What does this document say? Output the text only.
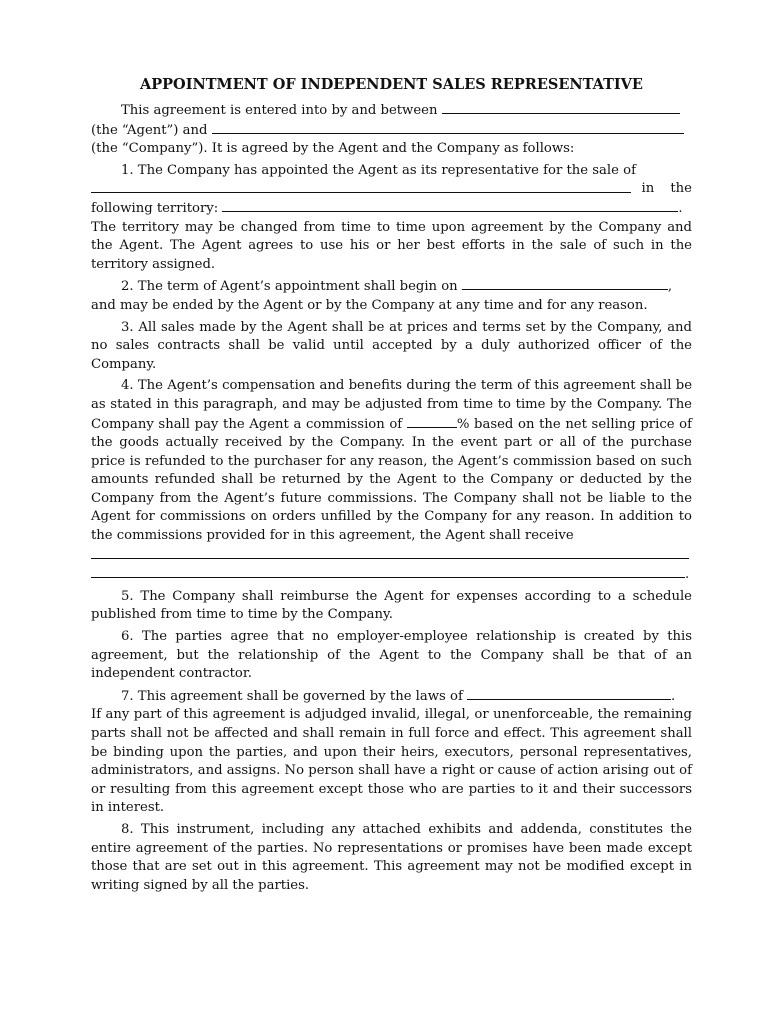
APPOINTMENT OF INDEPENDENT SALES REPRESENTATIVE

This agreement is entered into by and between
(the “Agent”) and
(the “Company”). It is agreed by the Agent and the Company as follows:

1. The Company has appointed the Agent as its representative for the sale of
in the
following territory:	.
The territory may be changed from time to time upon agreement by the Company and the Agent. The Agent agrees to use his or her best efforts in the sale of such in the territory assigned.

2. The term of Agent’s appointment shall begin on	,
and may be ended by the Agent or by the Company at any time and for any reason.

3. All sales made by the Agent shall be at prices and terms set by the Company, and no sales contracts shall be valid until accepted by a duly authorized officer of the Company.

4. The Agent’s compensation and benefits during the term of this agreement shall be as stated in this paragraph, and may be adjusted from time to time by the Company. The Company shall pay the Agent a commission of	% based on the net selling price of the goods actually received by the Company. In the event part or all of the purchase price is refunded to the purchaser for any reason, the Agent’s commission based on such amounts refunded shall be returned by the Agent to the Company or deducted by the Company from the Agent’s future commissions. The Company shall not be liable to the Agent for commissions on orders unfilled by the Company for any reason. In addition to the commissions provided for in this agreement, the Agent shall receive
.

5. The Company shall reimburse the Agent for expenses according to a schedule published from time to time by the Company.

6. The parties agree that no employer-employee relationship is created by this agreement, but the relationship of the Agent to the Company shall be that of an independent contractor.

7. This agreement shall be governed by the laws of	.
If any part of this agreement is adjudged invalid, illegal, or unenforceable, the remaining parts shall not be affected and shall remain in full force and effect. This agreement shall be binding upon the parties, and upon their heirs, executors, personal representatives, administrators, and assigns. No person shall have a right or cause of action arising out of or resulting from this agreement except those who are parties to it and their successors in interest.

8. This instrument, including any attached exhibits and addenda, constitutes the entire agreement of the parties. No representations or promises have been made except those that are set out in this agreement. This agreement may not be modified except in writing signed by all the parties.
